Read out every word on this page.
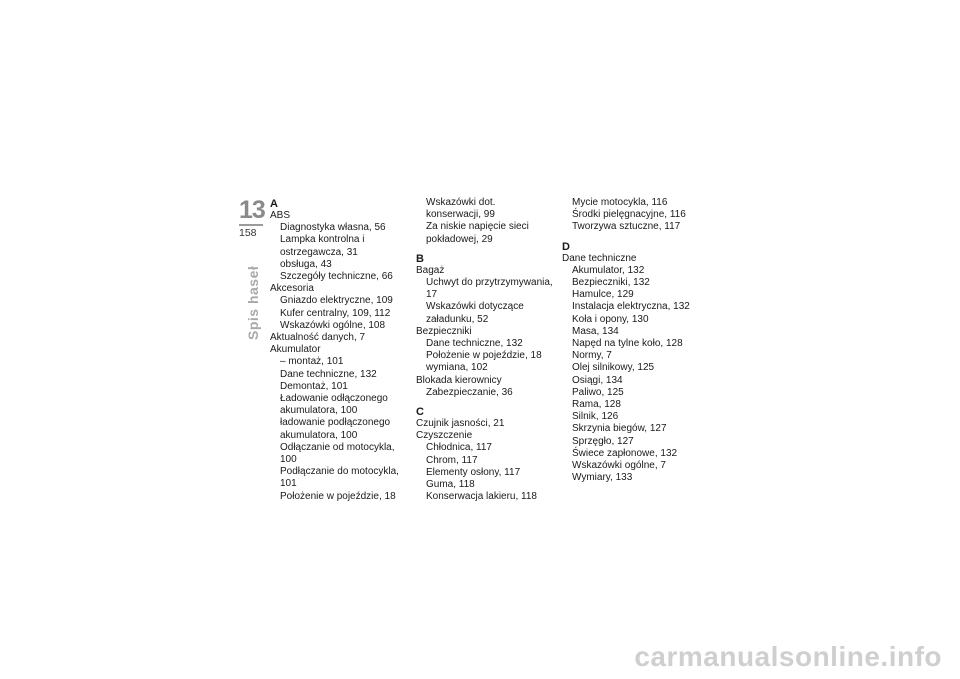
13
158
Spis haseł
A
ABS
Diagnostyka własna, 56
Lampka kontrolna i
ostrzegawcza, 31
obsługa, 43
Szczegóły techniczne, 66
Akcesoria
Gniazdo elektryczne, 109
Kufer centralny, 109, 112
Wskazówki ogólne, 108
Aktualność danych, 7
Akumulator
– montaż, 101
Dane techniczne, 132
Demontaż, 101
Ładowanie odłączonego
akumulatora, 100
ładowanie podłączonego
akumulatora, 100
Odłączanie od motocykla, 100
Podłączanie do motocykla, 101
Położenie w pojeździe, 18
Wskazówki dot.
konserwacji, 99
Za niskie napięcie sieci
pokładowej, 29
B
Bagaż
Uchwyt do przytrzymywania, 17
Wskazówki dotyczące
załadunku, 52
Bezpieczniki
Dane techniczne, 132
Położenie w pojeździe, 18
wymiana, 102
Blokada kierownicy
Zabezpieczanie, 36
C
Czujnik jasności, 21
Czyszczenie
Chłodnica, 117
Chrom, 117
Elementy osłony, 117
Guma, 118
Konserwacja lakieru, 118
Mycie motocykla, 116
Środki pielęgnacyjne, 116
Tworzywa sztuczne, 117
D
Dane techniczne
Akumulator, 132
Bezpieczniki, 132
Hamulce, 129
Instalacja elektryczna, 132
Koła i opony, 130
Masa, 134
Napęd na tylne koło, 128
Normy, 7
Olej silnikowy, 125
Osiągi, 134
Paliwo, 125
Rama, 128
Silnik, 126
Skrzynia biegów, 127
Sprzęgło, 127
Świece zapłonowe, 132
Wskazówki ogólne, 7
Wymiary, 133
carmanualsonline.info
